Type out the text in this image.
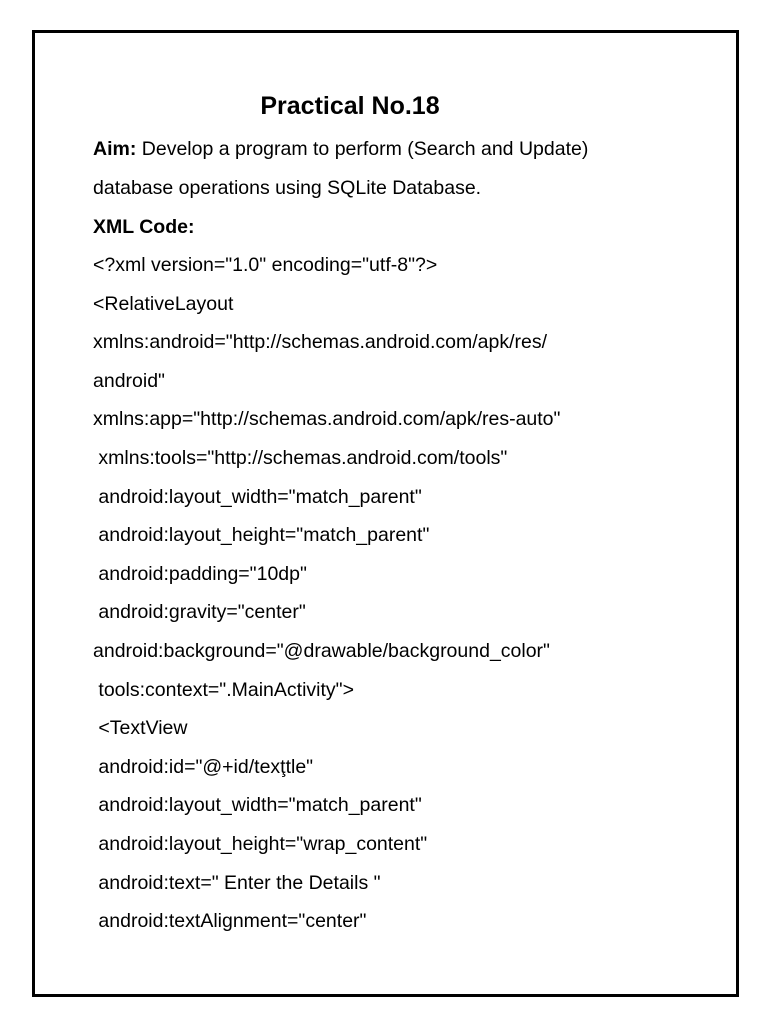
Practical No.18
Aim: Develop a program to perform (Search and Update)
database operations using SQLite Database.
XML Code:
<?xml version="1.0" encoding="utf-8"?>
<RelativeLayout
xmlns:android="http://schemas.android.com/apk/res/
android"
xmlns:app="http://schemas.android.com/apk/res-auto"
xmlns:tools="http://schemas.android.com/tools"
android:layout_width="match_parent"
android:layout_height="match_parent"
android:padding="10dp"
android:gravity="center"
android:background="@drawable/background_color"
tools:context=".MainActivity">
<TextView
android:id="@+id/texţtle"
android:layout_width="match_parent"
android:layout_height="wrap_content"
android:text=" Enter the Details "
android:textAlignment="center"
